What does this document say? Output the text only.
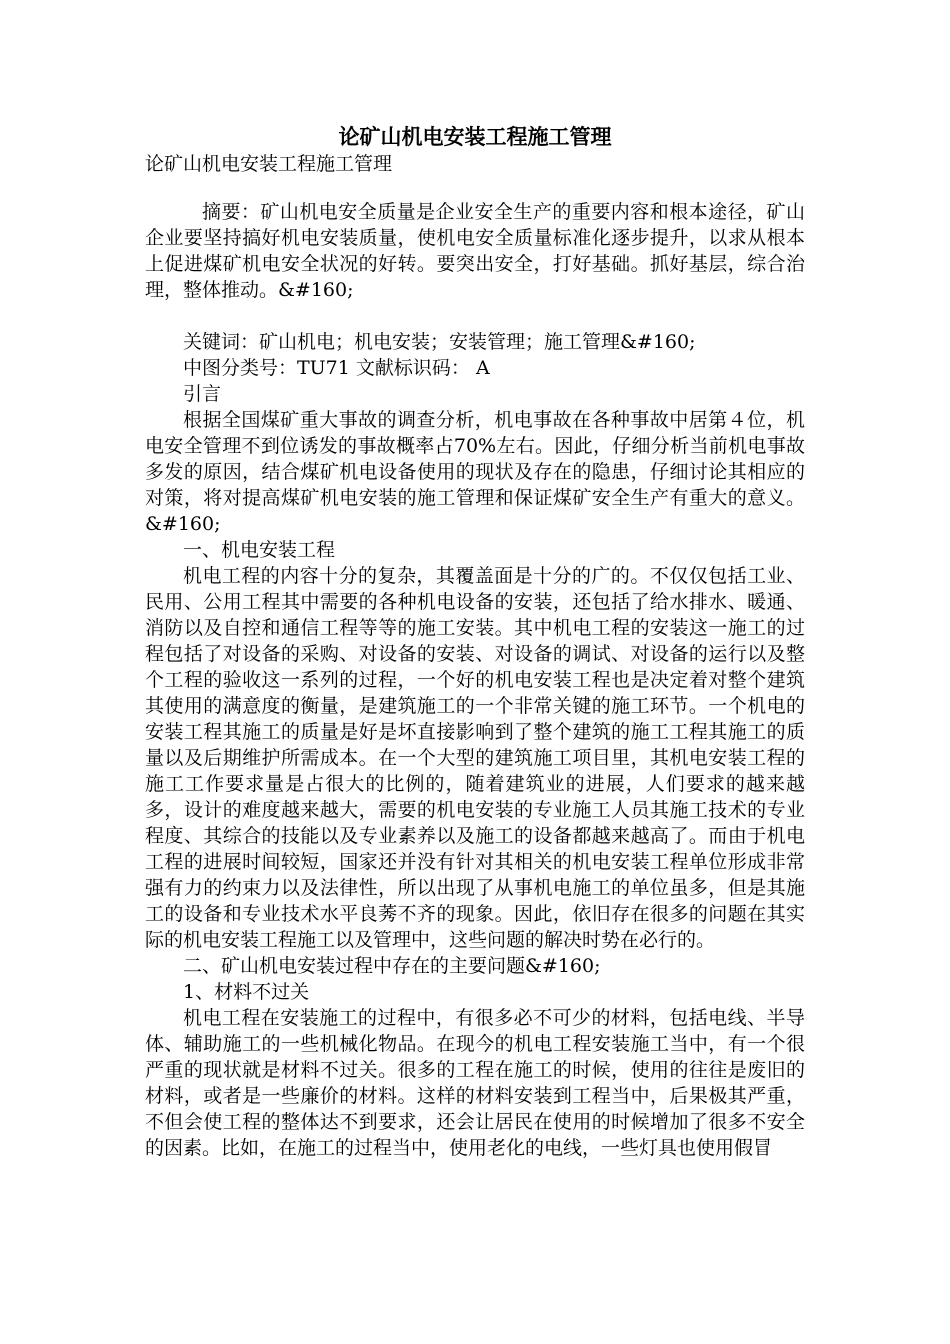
论矿山机电安装工程施工管理
论矿山机电安装工程施工管理

摘要：矿山机电安全质量是企业安全生产的重要内容和根本途径，矿山企业要坚持搞好机电安装质量，使机电安全质量标准化逐步提升，以求从根本上促进煤矿机电安全状况的好转。要突出安全，打好基础。抓好基层，综合治理，整体推动。&#160;

关键词：矿山机电；机电安装；安装管理；施工管理&#160;

中图分类号：TU71 文献标识码： A

引言

根据全国煤矿重大事故的调查分析，机电事故在各种事故中居第４位，机电安全管理不到位诱发的事故概率占70%左右。因此，仔细分析当前机电事故多发的原因，结合煤矿机电设备使用的现状及存在的隐患，仔细讨论其相应的对策，将对提高煤矿机电安装的施工管理和保证煤矿安全生产有重大的意义。&#160;

一、机电安装工程

机电工程的内容十分的复杂，其覆盖面是十分的广的。不仅仅包括工业、民用、公用工程其中需要的各种机电设备的安装，还包括了给水排水、暖通、消防以及自控和通信工程等等的施工安装。其中机电工程的安装这一施工的过程包括了对设备的采购、对设备的安装、对设备的调试、对设备的运行以及整个工程的验收这一系列的过程，一个好的机电安装工程也是决定着对整个建筑其使用的满意度的衡量，是建筑施工的一个非常关键的施工环节。一个机电的安装工程其施工的质量是好是坏直接影响到了整个建筑的施工工程其施工的质量以及后期维护所需成本。在一个大型的建筑施工项目里，其机电安装工程的施工工作要求量是占很大的比例的，随着建筑业的进展，人们要求的越来越多，设计的难度越来越大，需要的机电安装的专业施工人员其施工技术的专业程度、其综合的技能以及专业素养以及施工的设备都越来越高了。而由于机电工程的进展时间较短，国家还并没有针对其相关的机电安装工程单位形成非常强有力的约束力以及法律性，所以出现了从事机电施工的单位虽多，但是其施工的设备和专业技术水平良莠不齐的现象。因此，依旧存在很多的问题在其实际的机电安装工程施工以及管理中，这些问题的解决时势在必行的。

二、矿山机电安装过程中存在的主要问题&#160;

1、材料不过关

机电工程在安装施工的过程中，有很多必不可少的材料，包括电线、半导体、辅助施工的一些机械化物品。在现今的机电工程安装施工当中，有一个很严重的现状就是材料不过关。很多的工程在施工的时候，使用的往往是废旧的材料，或者是一些廉价的材料。这样的材料安装到工程当中，后果极其严重，不但会使工程的整体达不到要求，还会让居民在使用的时候增加了很多不安全的因素。比如，在施工的过程当中，使用老化的电线，一些灯具也使用假冒
